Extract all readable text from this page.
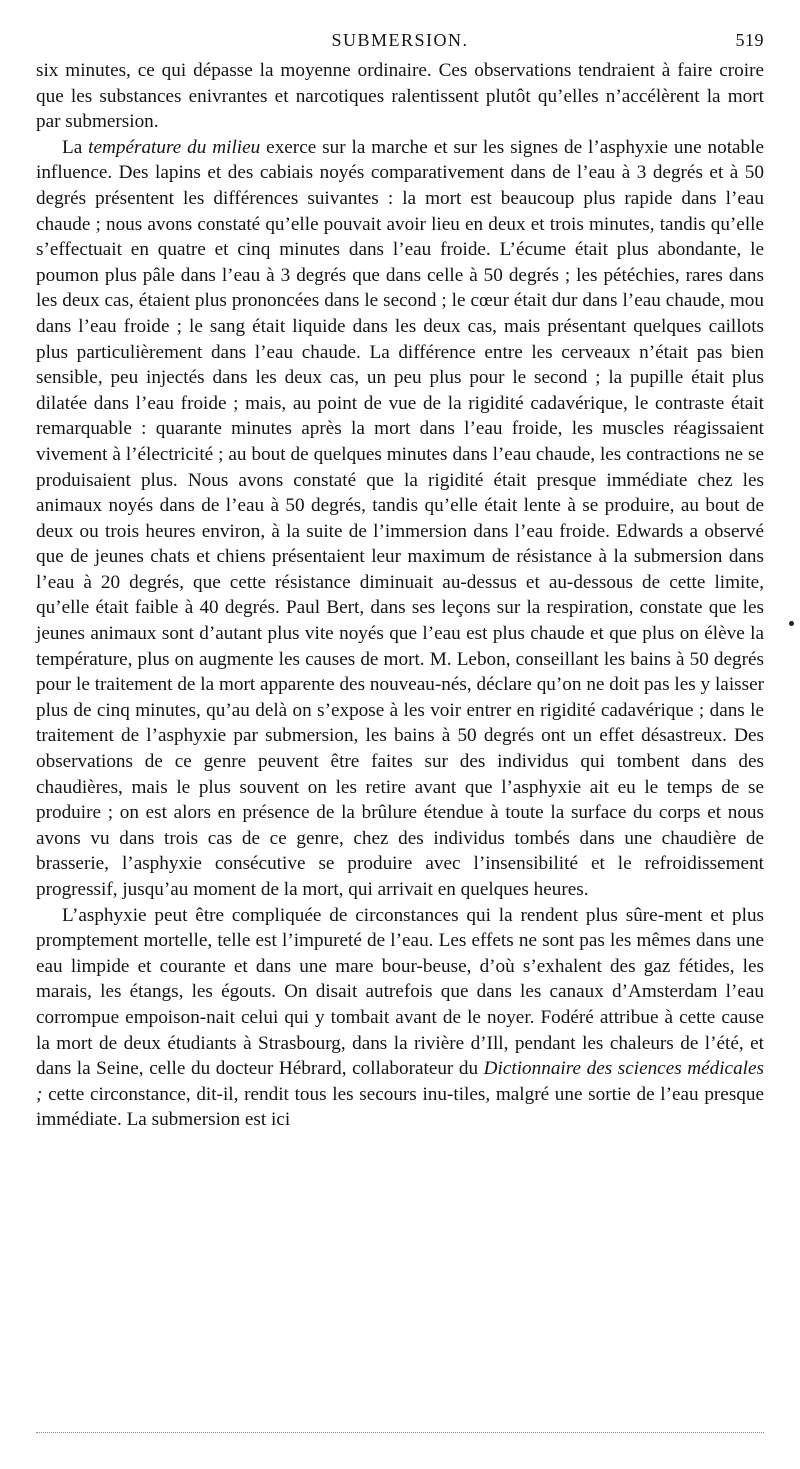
SUBMERSION.	519

six minutes, ce qui dépasse la moyenne ordinaire. Ces observations tendraient à faire croire que les substances enivrantes et narcotiques ralentissent plutôt qu’elles n’accélèrent la mort par submersion.

La température du milieu exerce sur la marche et sur les signes de l’asphyxie une notable influence. Des lapins et des cabiais noyés comparativement dans de l’eau à 3 degrés et à 50 degrés présentent les différences suivantes : la mort est beaucoup plus rapide dans l’eau chaude ; nous avons constaté qu’elle pouvait avoir lieu en deux et trois minutes, tandis qu’elle s’effectuait en quatre et cinq minutes dans l’eau froide. L’écume était plus abondante, le poumon plus pâle dans l’eau à 3 degrés que dans celle à 50 degrés ; les pétéchies, rares dans les deux cas, étaient plus prononcées dans le second ; le cœur était dur dans l’eau chaude, mou dans l’eau froide ; le sang était liquide dans les deux cas, mais présentant quelques caillots plus particulièrement dans l’eau chaude. La différence entre les cerveaux n’était pas bien sensible, peu injectés dans les deux cas, un peu plus pour le second ; la pupille était plus dilatée dans l’eau froide ; mais, au point de vue de la rigidité cadavérique, le contraste était remarquable : quarante minutes après la mort dans l’eau froide, les muscles réagissaient vivement à l’électricité ; au bout de quelques minutes dans l’eau chaude, les contractions ne se produisaient plus. Nous avons constaté que la rigidité était presque immédiate chez les animaux noyés dans de l’eau à 50 degrés, tandis qu’elle était lente à se produire, au bout de deux ou trois heures environ, à la suite de l’immersion dans l’eau froide. Edwards a observé que de jeunes chats et chiens présentaient leur maximum de résistance à la submersion dans l’eau à 20 degrés, que cette résistance diminuait au-dessus et au-dessous de cette limite, qu’elle était faible à 40 degrés. Paul Bert, dans ses leçons sur la respiration, constate que les jeunes animaux sont d’autant plus vite noyés que l’eau est plus chaude et que plus on élève la température, plus on augmente les causes de mort. M. Lebon, conseillant les bains à 50 degrés pour le traitement de la mort apparente des nouveau-nés, déclare qu’on ne doit pas les y laisser plus de cinq minutes, qu’au delà on s’expose à les voir entrer en rigidité cadavérique ; dans le traitement de l’asphyxie par submersion, les bains à 50 degrés ont un effet désastreux. Des observations de ce genre peuvent être faites sur des individus qui tombent dans des chaudières, mais le plus souvent on les retire avant que l’asphyxie ait eu le temps de se produire ; on est alors en présence de la brûlure étendue à toute la surface du corps et nous avons vu dans trois cas de ce genre, chez des individus tombés dans une chaudière de brasserie, l’asphyxie consécutive se produire avec l’insensibilité et le refroidissement progressif, jusqu’au moment de la mort, qui arrivait en quelques heures.

L’asphyxie peut être compliquée de circonstances qui la rendent plus sûre-ment et plus promptement mortelle, telle est l’impureté de l’eau. Les effets ne sont pas les mêmes dans une eau limpide et courante et dans une mare bour-beuse, d’où s’exhalent des gaz fétides, les marais, les étangs, les égouts. On disait autrefois que dans les canaux d’Amsterdam l’eau corrompue empoison-nait celui qui y tombait avant de le noyer. Fodéré attribue à cette cause la mort de deux étudiants à Strasbourg, dans la rivière d’Ill, pendant les chaleurs de l’été, et dans la Seine, celle du docteur Hébrard, collaborateur du Dictionnaire des sciences médicales ; cette circonstance, dit-il, rendit tous les secours inu-tiles, malgré une sortie de l’eau presque immédiate. La submersion est ici
